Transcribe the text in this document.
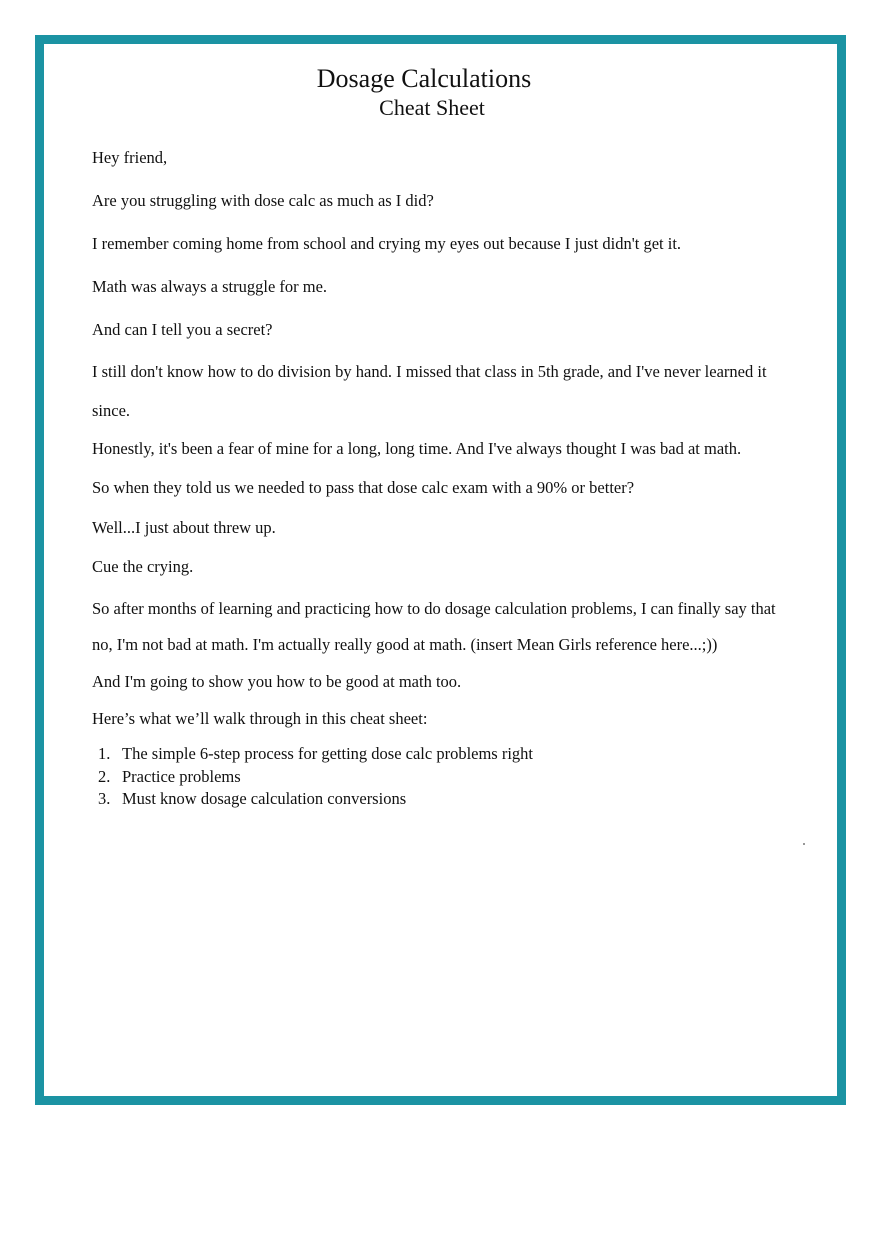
Dosage Calculations
Cheat Sheet

Hey friend,

Are you struggling with dose calc as much as I did?

I remember coming home from school and crying my eyes out because I just didn't get it.

Math was always a struggle for me.

And can I tell you a secret?

I still don't know how to do division by hand. I missed that class in 5th grade, and I've never learned it

since.

Honestly, it's been a fear of mine for a long, long time. And I've always thought I was bad at math.

So when they told us we needed to pass that dose calc exam with a 90% or better?

Well...I just about threw up.

Cue the crying.

So after months of learning and practicing how to do dosage calculation problems, I can finally say that

no, I'm not bad at math. I'm actually really good at math. (insert Mean Girls reference here...;))

And I'm going to show you how to be good at math too.

Here’s what we’ll walk through in this cheat sheet:

1. The simple 6-step process for getting dose calc problems right
2. Practice problems
3. Must know dosage calculation conversions
